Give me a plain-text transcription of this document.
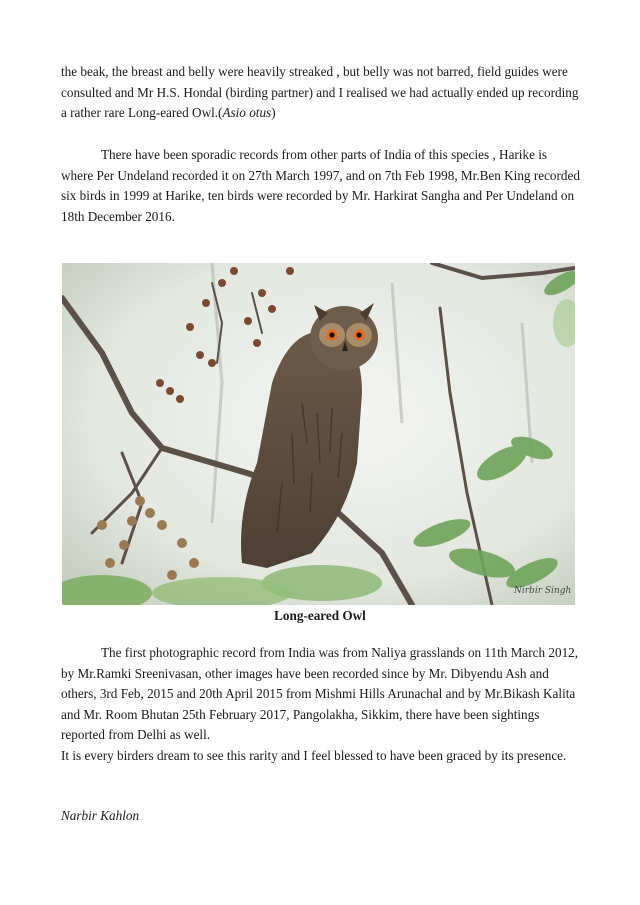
the beak, the breast and belly were heavily streaked , but belly was not barred, field guides were consulted and Mr H.S. Hondal (birding partner) and I realised we had actually ended up recording a rather rare Long-eared Owl.(Asio otus)

There have been sporadic records from other parts of India of this species , Harike is where Per Undeland recorded it on 27th March 1997, and on 7th Feb 1998, Mr.Ben King recorded six birds in 1999 at Harike, ten birds were recorded by Mr. Harkirat Sangha and Per Undeland on 18th December 2016.

Nirbir Singh
Long-eared Owl
The first photographic record from India was from Naliya grasslands on 11th March 2012, by Mr.Ramki Sreenivasan, other images have been recorded since by Mr. Dibyendu Ash and others, 3rd Feb, 2015 and 20th April 2015 from Mishmi Hills Arunachal and by Mr.Bikash Kalita and Mr. Room Bhutan 25th February 2017, Pangolakha, Sikkim, there have been sightings reported from Delhi as well.
It is every birders dream to see this rarity and I feel blessed to have been graced by its presence.
Narbir Kahlon
